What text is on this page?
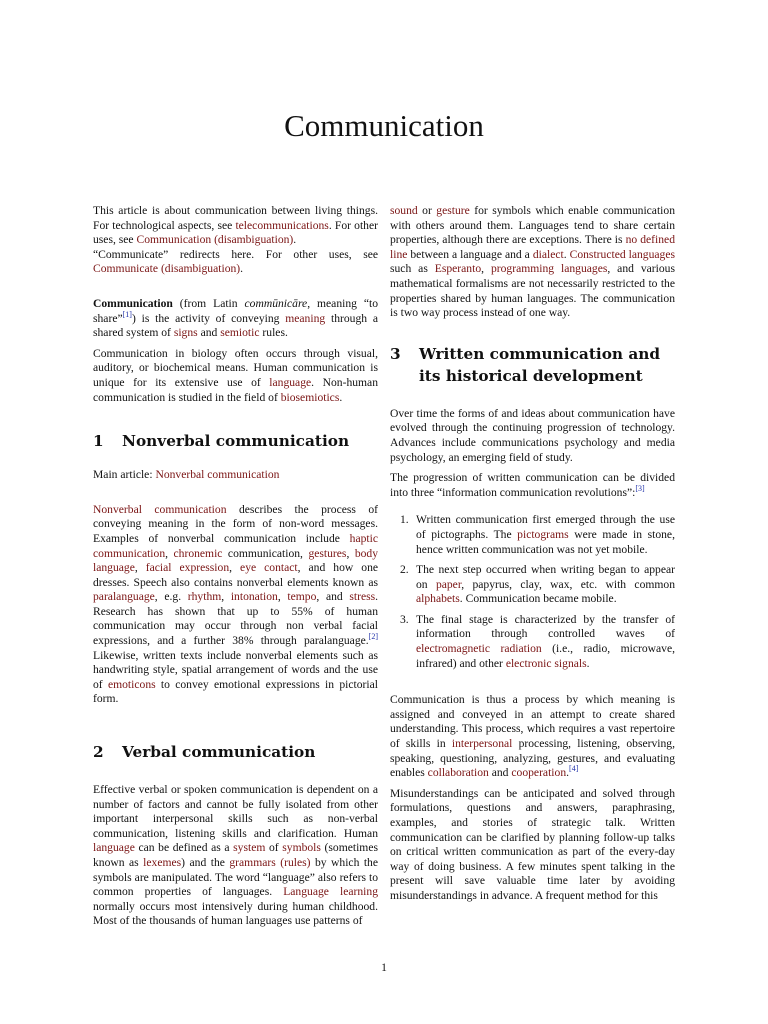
Communication

This article is about communication between living things. For technological aspects, see telecommunications. For other uses, see Communication (disambiguation).

“Communicate” redirects here. For other uses, see Communicate (disambiguation).

Communication (from Latin commūnicāre, meaning “to share”[1]) is the activity of conveying meaning through a shared system of signs and semiotic rules.

Communication in biology often occurs through visual, auditory, or biochemical means. Human communication is unique for its extensive use of language. Non-human communication is studied in the field of biosemiotics.

1	Nonverbal communication

Main article: Nonverbal communication

Nonverbal communication describes the process of conveying meaning in the form of non-word messages. Examples of nonverbal communication include haptic communication, chronemic communication, gestures, body language, facial expression, eye contact, and how one dresses. Speech also contains nonverbal elements known as paralanguage, e.g. rhythm, intonation, tempo, and stress. Research has shown that up to 55% of human communication may occur through non verbal facial expressions, and a further 38% through paralanguage.[2] Likewise, written texts include nonverbal elements such as handwriting style, spatial arrangement of words and the use of emoticons to convey emotional expressions in pictorial form.

2	Verbal communication

Effective verbal or spoken communication is dependent on a number of factors and cannot be fully isolated from other important interpersonal skills such as non-verbal communication, listening skills and clarification. Human language can be defined as a system of symbols (sometimes known as lexemes) and the grammars (rules) by which the symbols are manipulated. The word “language” also refers to common properties of languages. Language learning normally occurs most intensively during human childhood. Most of the thousands of human languages use patterns of

sound or gesture for symbols which enable communication with others around them. Languages tend to share certain properties, although there are exceptions. There is no defined line between a language and a dialect. Constructed languages such as Esperanto, programming languages, and various mathematical formalisms are not necessarily restricted to the properties shared by human languages. The communication is two way process instead of one way.

3	Written communication and its historical development

Over time the forms of and ideas about communication have evolved through the continuing progression of technology. Advances include communications psychology and media psychology, an emerging field of study.

The progression of written communication can be divided into three “information communication revolutions”:[3]

1. Written communication first emerged through the use of pictographs. The pictograms were made in stone, hence written communication was not yet mobile.
2. The next step occurred when writing began to appear on paper, papyrus, clay, wax, etc. with common alphabets. Communication became mobile.
3. The final stage is characterized by the transfer of information through controlled waves of electromagnetic radiation (i.e., radio, microwave, infrared) and other electronic signals.

Communication is thus a process by which meaning is assigned and conveyed in an attempt to create shared understanding. This process, which requires a vast repertoire of skills in interpersonal processing, listening, observing, speaking, questioning, analyzing, gestures, and evaluating enables collaboration and cooperation.[4]

Misunderstandings can be anticipated and solved through formulations, questions and answers, paraphrasing, examples, and stories of strategic talk. Written communication can be clarified by planning follow-up talks on critical written communication as part of the every-day way of doing business. A few minutes spent talking in the present will save valuable time later by avoiding misunderstandings in advance. A frequent method for this

1
